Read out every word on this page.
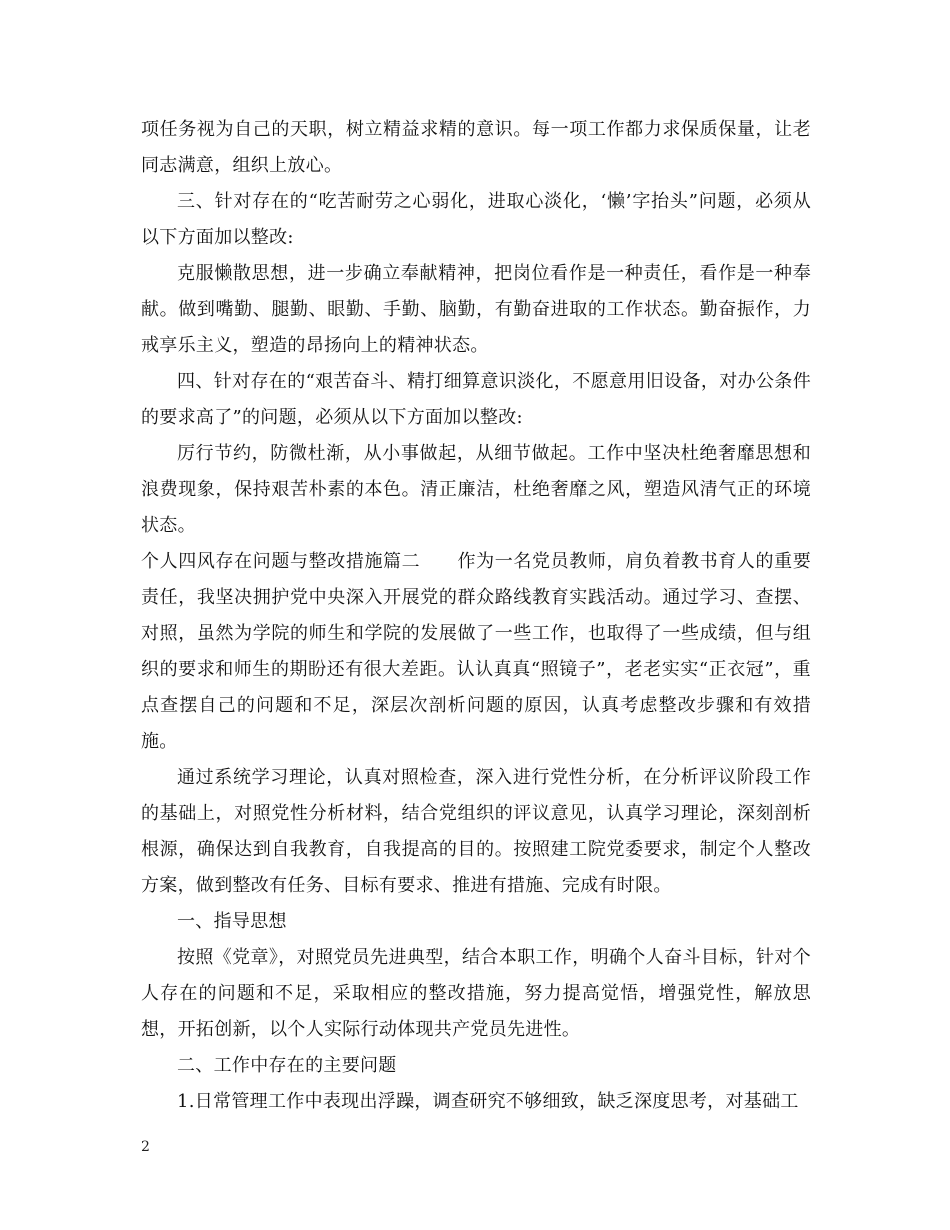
项任务视为自己的天职，树立精益求精的意识。每一项工作都力求保质保量，让老同志满意，组织上放心。

三、针对存在的“吃苦耐劳之心弱化，进取心淡化，‘懒’字抬头”问题，必须从以下方面加以整改:

克服懒散思想，进一步确立奉献精神，把岗位看作是一种责任，看作是一种奉献。做到嘴勤、腿勤、眼勤、手勤、脑勤，有勤奋进取的工作状态。勤奋振作，力戒享乐主义，塑造的昂扬向上的精神状态。

四、针对存在的“艰苦奋斗、精打细算意识淡化，不愿意用旧设备，对办公条件的要求高了”的问题，必须从以下方面加以整改:

厉行节约，防微杜渐，从小事做起，从细节做起。工作中坚决杜绝奢靡思想和浪费现象，保持艰苦朴素的本色。清正廉洁，杜绝奢靡之风，塑造风清气正的环境状态。

个人四风存在问题与整改措施篇二　　作为一名党员教师，肩负着教书育人的重要责任，我坚决拥护党中央深入开展党的群众路线教育实践活动。通过学习、查摆、对照，虽然为学院的师生和学院的发展做了一些工作，也取得了一些成绩，但与组织的要求和师生的期盼还有很大差距。认认真真“照镜子”，老老实实“正衣冠”，重点查摆自己的问题和不足，深层次剖析问题的原因，认真考虑整改步骤和有效措施。

通过系统学习理论，认真对照检查，深入进行党性分析，在分析评议阶段工作的基础上，对照党性分析材料，结合党组织的评议意见，认真学习理论，深刻剖析根源，确保达到自我教育，自我提高的目的。按照建工院党委要求，制定个人整改方案，做到整改有任务、目标有要求、推进有措施、完成有时限。

一、指导思想

按照《党章》，对照党员先进典型，结合本职工作，明确个人奋斗目标，针对个人存在的问题和不足，采取相应的整改措施，努力提高觉悟，增强党性，解放思想，开拓创新，以个人实际行动体现共产党员先进性。

二、工作中存在的主要问题

1.日常管理工作中表现出浮躁，调查研究不够细致，缺乏深度思考，对基础工

2
